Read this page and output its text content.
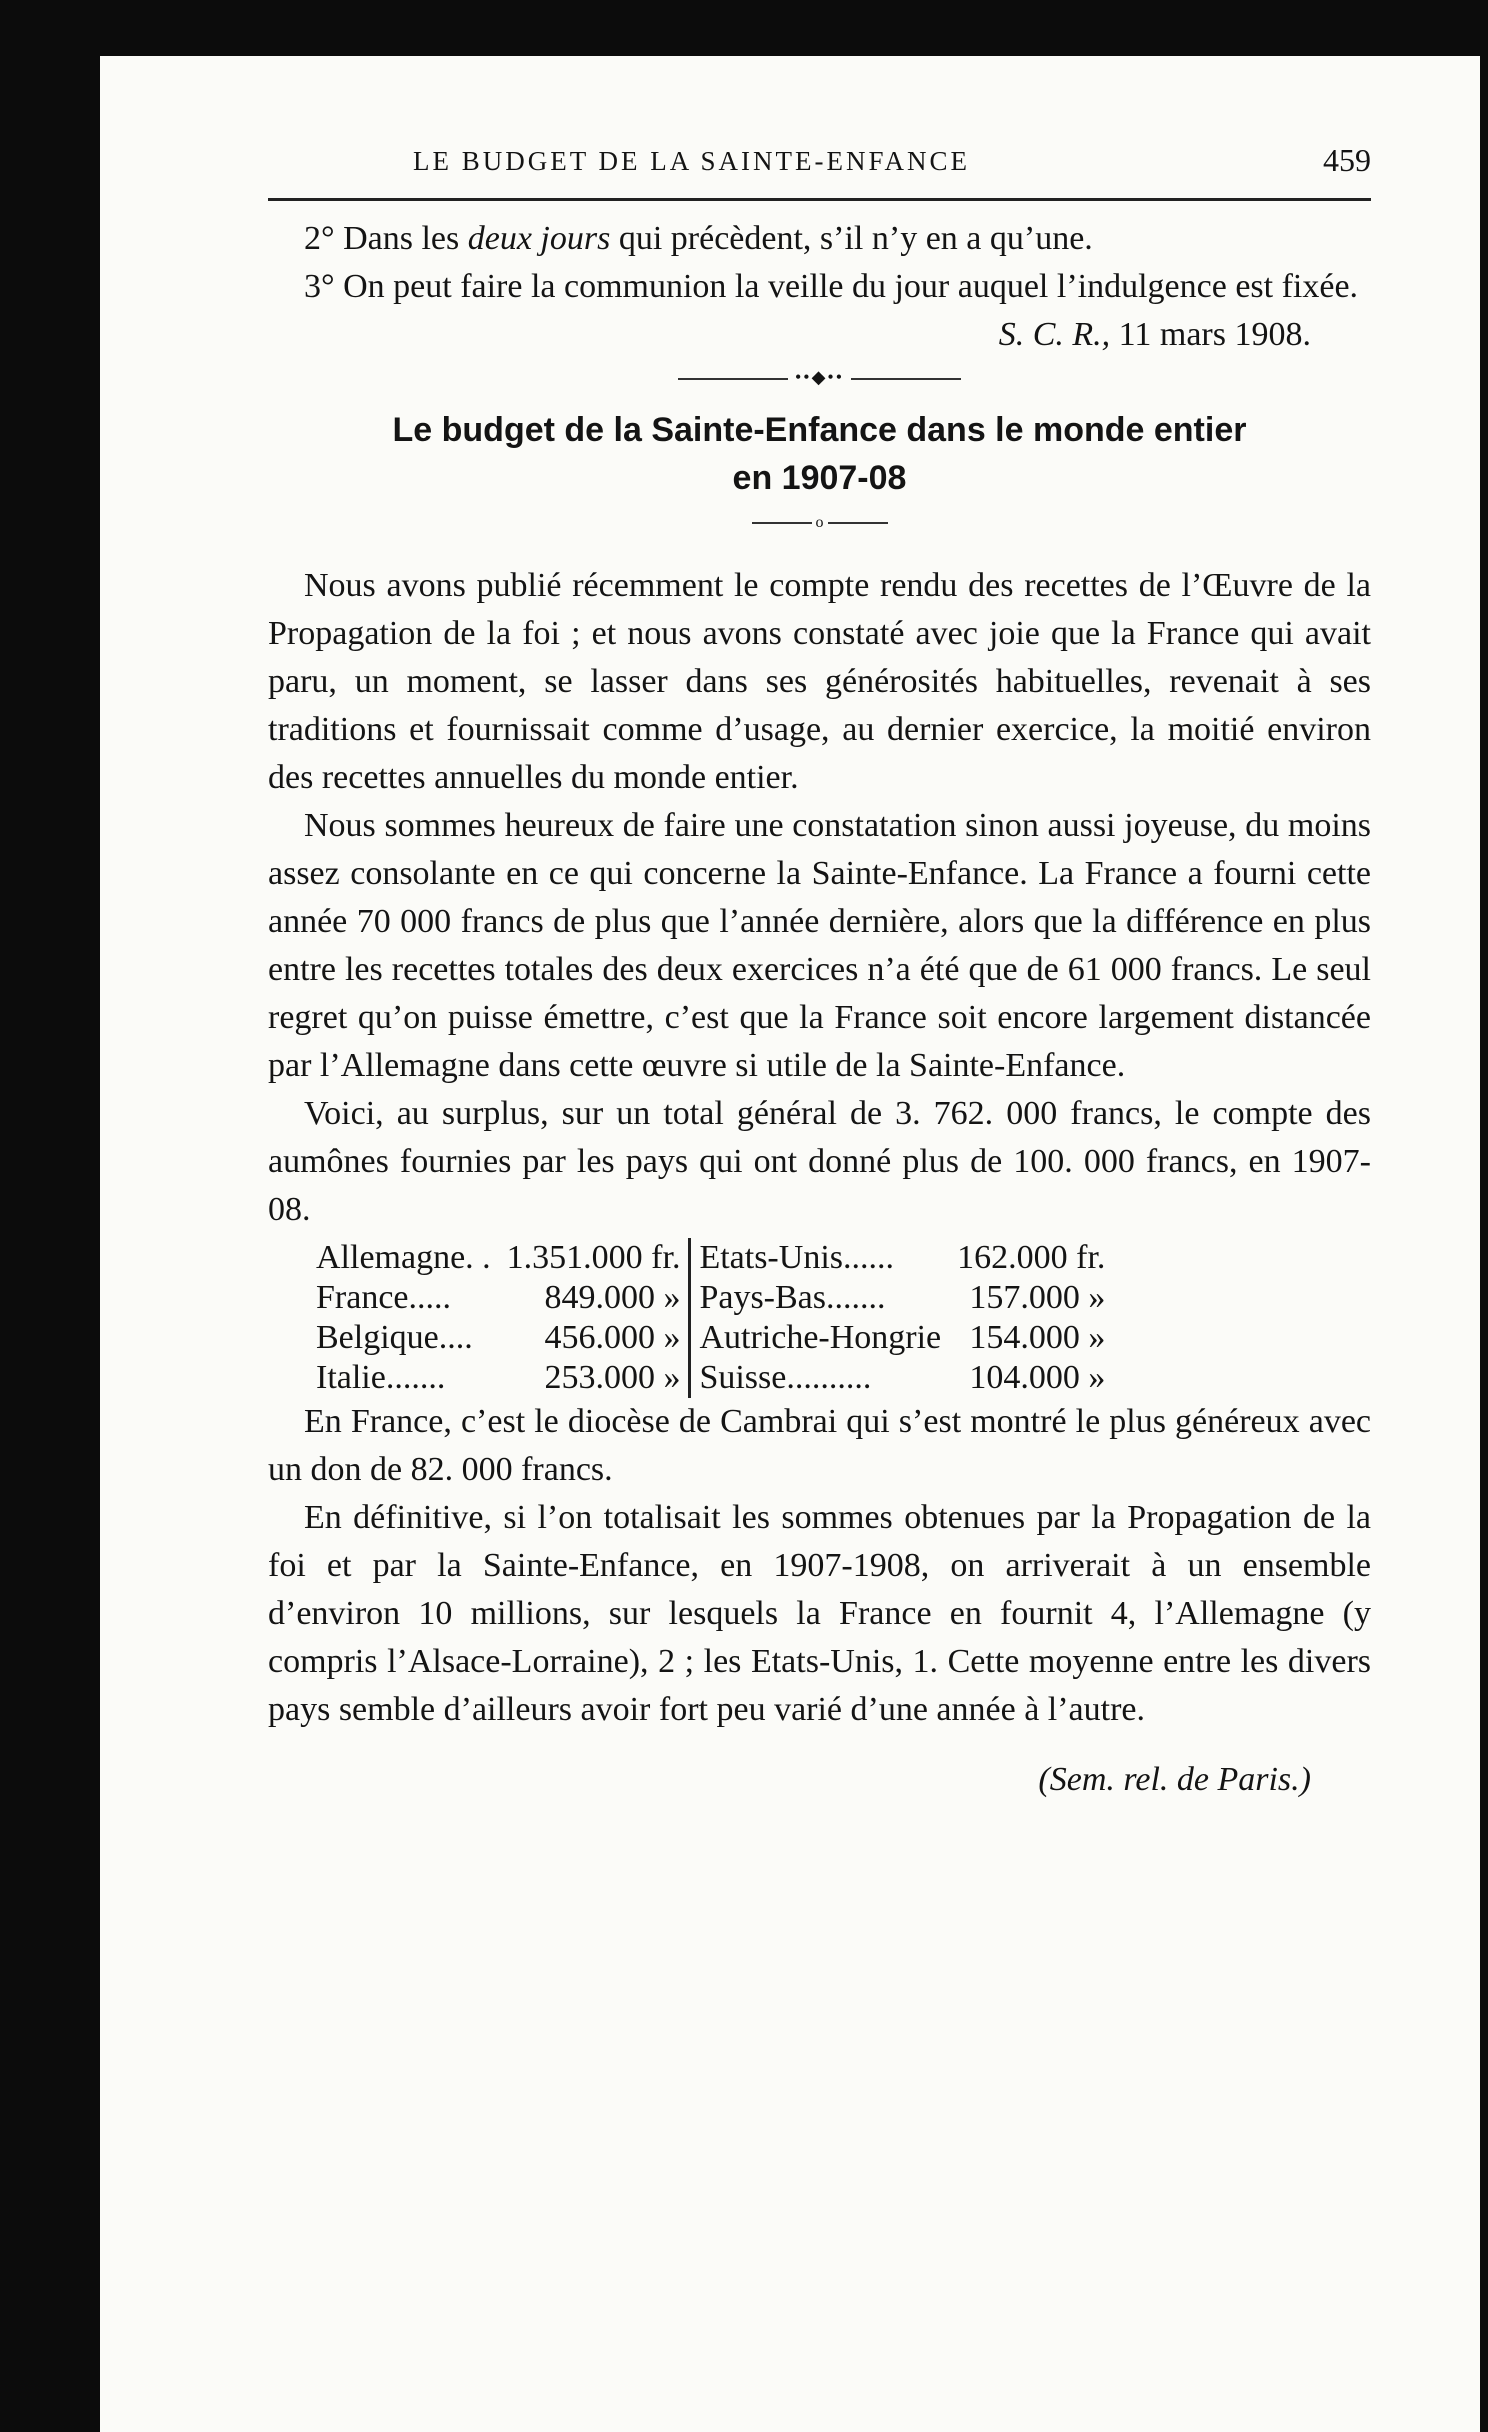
LE BUDGET DE LA SAINTE-ENFANCE	459

2° Dans les deux jours qui précèdent, s’il n’y en a qu’une.

3° On peut faire la communion la veille du jour auquel l’indulgence est fixée.

S. C. R., 11 mars 1908.

••◆••
Le budget de la Sainte-Enfance dans le monde entier
en 1907-08
o

Nous avons publié récemment le compte rendu des recettes de l’Œuvre de la Propagation de la foi ; et nous avons constaté avec joie que la France qui avait paru, un moment, se lasser dans ses générosités habituelles, revenait à ses traditions et fournissait comme d’usage, au dernier exercice, la moitié environ des recettes annuelles du monde entier.

Nous sommes heureux de faire une constatation sinon aussi joyeuse, du moins assez consolante en ce qui concerne la Sainte-Enfance. La France a fourni cette année 70 000 francs de plus que l’année dernière, alors que la différence en plus entre les recettes totales des deux exercices n’a été que de 61 000 francs. Le seul regret qu’on puisse émettre, c’est que la France soit encore largement distancée par l’Allemagne dans cette œuvre si utile de la Sainte-Enfance.

Voici, au surplus, sur un total général de 3. 762. 000 francs, le compte des aumônes fournies par les pays qui ont donné plus de 100. 000 francs, en 1907-08.

Allemagne. .	1.351.000 fr.	Etats-Unis......	162.000 fr.
France.....	849.000 »	Pays-Bas.......	157.000 »
Belgique....	456.000 »	Autriche-Hongrie	154.000 »
Italie.......	253.000 »	Suisse..........	104.000 »

En France, c’est le diocèse de Cambrai qui s’est montré le plus généreux avec un don de 82. 000 francs.

En définitive, si l’on totalisait les sommes obtenues par la Propagation de la foi et par la Sainte-Enfance, en 1907-1908, on arriverait à un ensemble d’environ 10 millions, sur lesquels la France en fournit 4, l’Allemagne (y compris l’Alsace-Lorraine), 2 ; les Etats-Unis, 1. Cette moyenne entre les divers pays semble d’ailleurs avoir fort peu varié d’une année à l’autre.

(Sem. rel. de Paris.)
